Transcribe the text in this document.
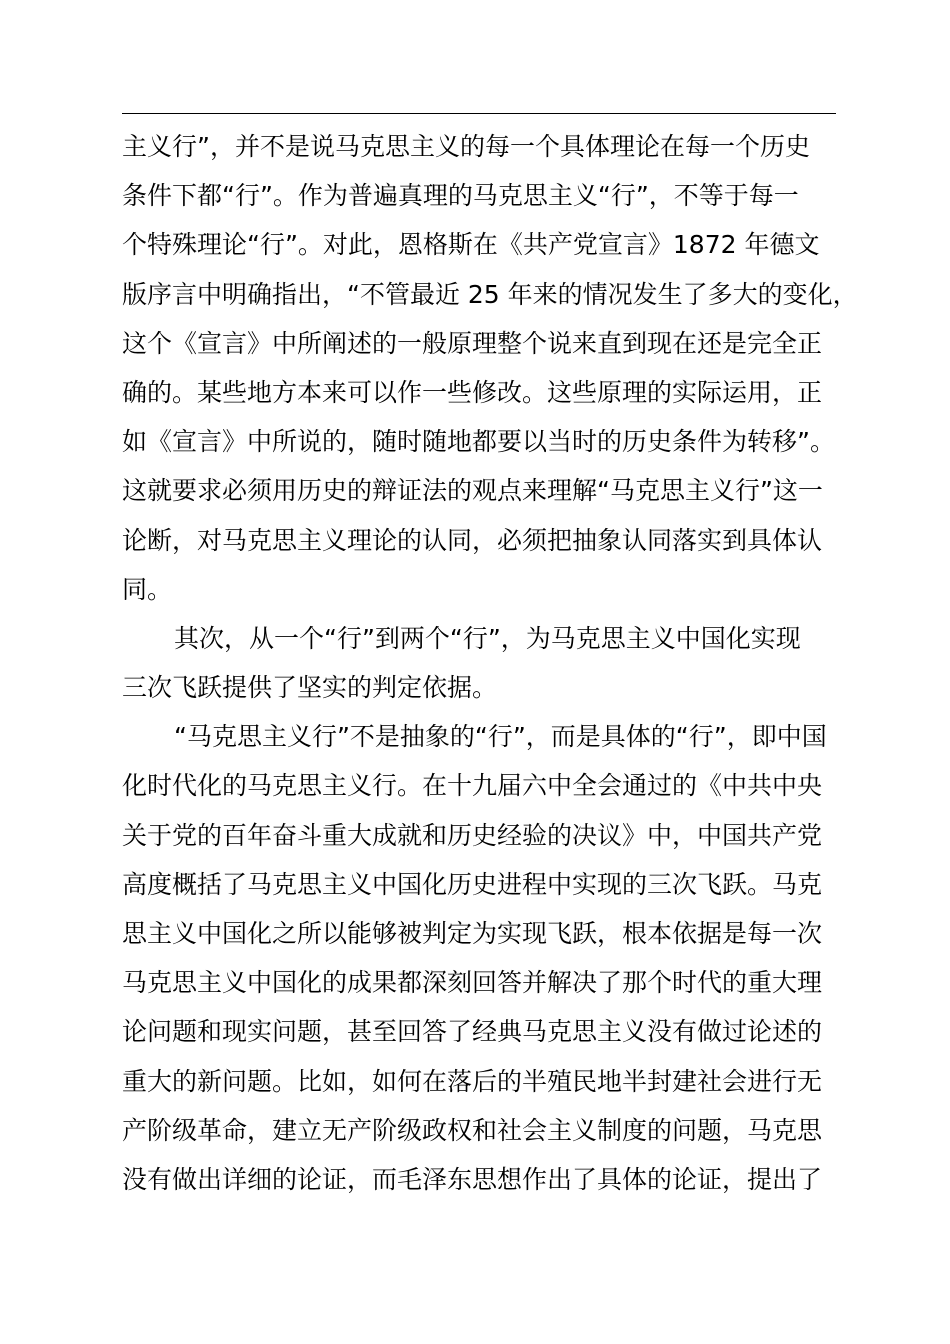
主义行”，并不是说马克思主义的每一个具体理论在每一个历史
条件下都“行”。作为普遍真理的马克思主义“行”，不等于每一
个特殊理论“行”。对此，恩格斯在《共产党宣言》1872 年德文
版序言中明确指出，“不管最近 25 年来的情况发生了多大的变化，
这个《宣言》中所阐述的一般原理整个说来直到现在还是完全正
确的。某些地方本来可以作一些修改。这些原理的实际运用，正
如《宣言》中所说的，随时随地都要以当时的历史条件为转移”。
这就要求必须用历史的辩证法的观点来理解“马克思主义行”这一
论断，对马克思主义理论的认同，必须把抽象认同落实到具体认
同。
其次，从一个“行”到两个“行”，为马克思主义中国化实现
三次飞跃提供了坚实的判定依据。
“马克思主义行”不是抽象的“行”，而是具体的“行”，即中国
化时代化的马克思主义行。在十九届六中全会通过的《中共中央
关于党的百年奋斗重大成就和历史经验的决议》中，中国共产党
高度概括了马克思主义中国化历史进程中实现的三次飞跃。马克
思主义中国化之所以能够被判定为实现飞跃，根本依据是每一次
马克思主义中国化的成果都深刻回答并解决了那个时代的重大理
论问题和现实问题，甚至回答了经典马克思主义没有做过论述的
重大的新问题。比如，如何在落后的半殖民地半封建社会进行无
产阶级革命，建立无产阶级政权和社会主义制度的问题，马克思
没有做出详细的论证，而毛泽东思想作出了具体的论证，提出了
